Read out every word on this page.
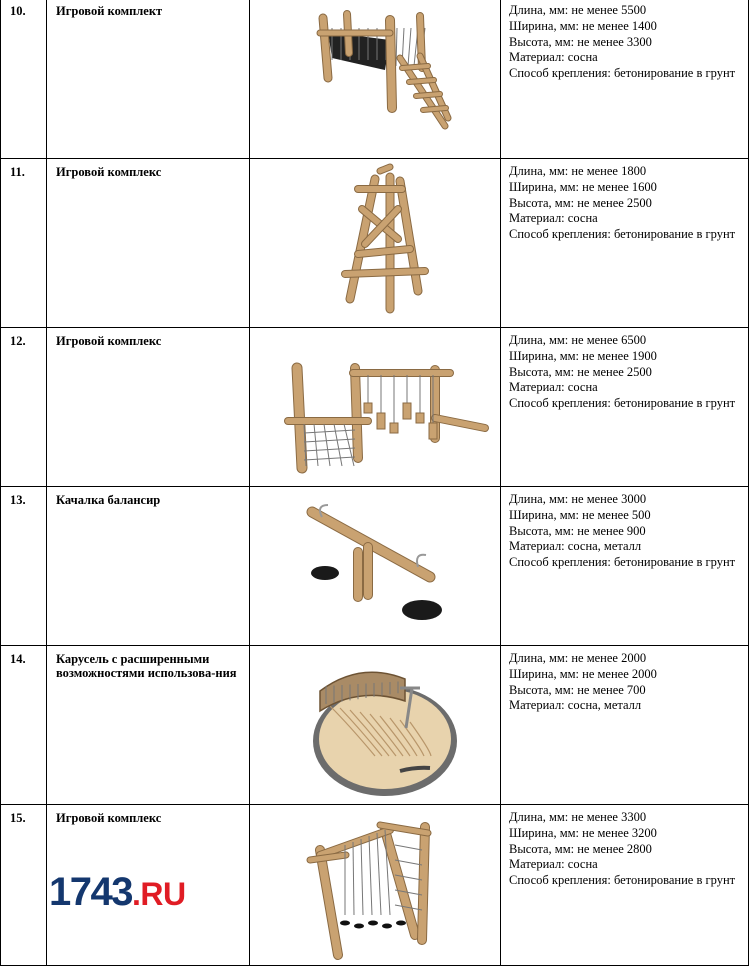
10.	Игровой комплект		Длина, мм: не менее 5500
Ширина, мм: не менее 1400
Высота, мм: не менее 3300
Материал: сосна
Способ крепления: бетонирование в грунт

11.	Игровой комплекс		Длина, мм: не менее 1800
Ширина, мм: не менее 1600
Высота, мм: не менее 2500
Материал: сосна
Способ крепления: бетонирование в грунт

12.	Игровой комплекс		Длина, мм: не менее 6500
Ширина, мм: не менее 1900
Высота, мм: не менее 2500
Материал: сосна
Способ крепления: бетонирование в грунт

13.	Качалка балансир		Длина, мм: не менее 3000
Ширина, мм: не менее 500
Высота, мм: не менее 900
Материал: сосна, металл
Способ крепления: бетонирование в грунт

14.	Карусель с расширенными возможностями использова-ния		Длина, мм: не менее 2000
Ширина, мм: не менее 2000
Высота, мм: не менее 700
Материал: сосна, металл

15.	Игровой комплекс		Длина, мм: не менее 3300
Ширина, мм: не менее 3200
Высота, мм: не менее 2800
Материал: сосна
Способ крепления: бетонирование в грунт
1743.RU
